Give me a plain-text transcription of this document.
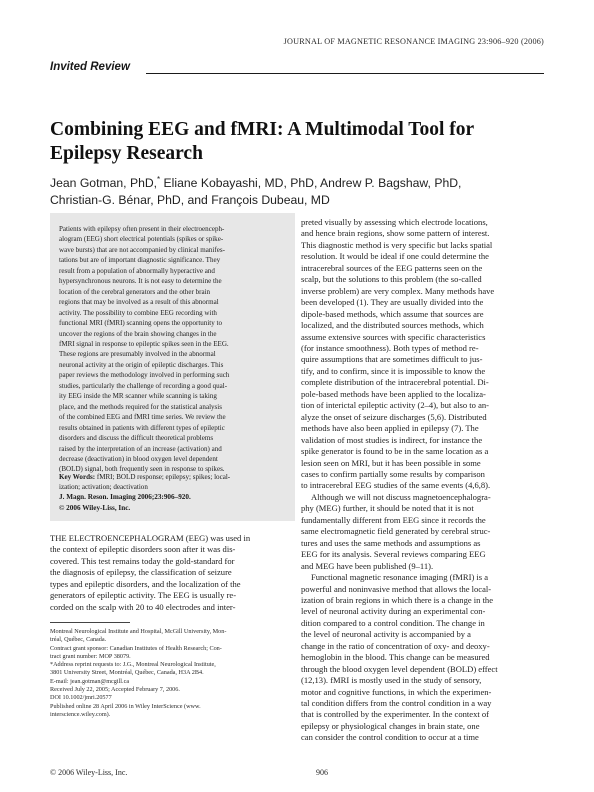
JOURNAL OF MAGNETIC RESONANCE IMAGING 23:906–920 (2006)
Invited Review
Combining EEG and fMRI: A Multimodal Tool for
Epilepsy Research
Jean Gotman, PhD,* Eliane Kobayashi, MD, PhD, Andrew P. Bagshaw, PhD,
Christian-G. Bénar, PhD, and François Dubeau, MD
Patients with epilepsy often present in their electroenceph-
alogram (EEG) short electrical potentials (spikes or spike-
wave bursts) that are not accompanied by clinical manifes-
tations but are of important diagnostic significance. They
result from a population of abnormally hyperactive and
hypersynchronous neurons. It is not easy to determine the
location of the cerebral generators and the other brain
regions that may be involved as a result of this abnormal
activity. The possibility to combine EEG recording with
functional MRI (fMRI) scanning opens the opportunity to
uncover the regions of the brain showing changes in the
fMRI signal in response to epileptic spikes seen in the EEG.
These regions are presumably involved in the abnormal
neuronal activity at the origin of epileptic discharges. This
paper reviews the methodology involved in performing such
studies, particularly the challenge of recording a good qual-
ity EEG inside the MR scanner while scanning is taking
place, and the methods required for the statistical analysis
of the combined EEG and fMRI time series. We review the
results obtained in patients with different types of epileptic
disorders and discuss the difficult theoretical problems
raised by the interpretation of an increase (activation) and
decrease (deactivation) in blood oxygen level dependent
(BOLD) signal, both frequently seen in response to spikes.
Key Words: fMRI; BOLD response; epilepsy; spikes; local-
ization; activation; deactivation
J. Magn. Reson. Imaging 2006;23:906–920.
© 2006 Wiley-Liss, Inc.
THE ELECTROENCEPHALOGRAM (EEG) was used in
the context of epileptic disorders soon after it was dis-
covered. This test remains today the gold-standard for
the diagnosis of epilepsy, the classification of seizure
types and epileptic disorders, and the localization of the
generators of epileptic activity. The EEG is usually re-
corded on the scalp with 20 to 40 electrodes and inter-
Montreal Neurological Institute and Hospital, McGill University, Mon-
tréal, Québec, Canada.
Contract grant sponsor: Canadian Institutes of Health Research; Con-
tract grant number: MOP 38079.
*Address reprint requests to: J.G., Montreal Neurological Institute,
3801 University Street, Montréal, Québec, Canada, H3A 2B4.
E-mail: jean.gotman@mcgill.ca
Received July 22, 2005; Accepted February 7, 2006.
DOI 10.1002/jmri.20577
Published online 28 April 2006 in Wiley InterScience (www.
interscience.wiley.com).
preted visually by assessing which electrode locations,
and hence brain regions, show some pattern of interest.
This diagnostic method is very specific but lacks spatial
resolution. It would be ideal if one could determine the
intracerebral sources of the EEG patterns seen on the
scalp, but the solutions to this problem (the so-called
inverse problem) are very complex. Many methods have
been developed (1). They are usually divided into the
dipole-based methods, which assume that sources are
localized, and the distributed sources methods, which
assume extensive sources with specific characteristics
(for instance smoothness). Both types of method re-
quire assumptions that are sometimes difficult to jus-
tify, and to confirm, since it is impossible to know the
complete distribution of the intracerebral potential. Di-
pole-based methods have been applied to the localiza-
tion of interictal epileptic activity (2–4), but also to an-
alyze the onset of seizure discharges (5,6). Distributed
methods have also been applied in epilepsy (7). The
validation of most studies is indirect, for instance the
spike generator is found to be in the same location as a
lesion seen on MRI, but it has been possible in some
cases to confirm partially some results by comparison
to intracerebral EEG studies of the same events (4,6,8).
Although we will not discuss magnetoencephalogra-
phy (MEG) further, it should be noted that it is not
fundamentally different from EEG since it records the
same electromagnetic field generated by cerebral struc-
tures and uses the same methods and assumptions as
EEG for its analysis. Several reviews comparing EEG
and MEG have been published (9–11).
Functional magnetic resonance imaging (fMRI) is a
powerful and noninvasive method that allows the local-
ization of brain regions in which there is a change in the
level of neuronal activity during an experimental con-
dition compared to a control condition. The change in
the level of neuronal activity is accompanied by a
change in the ratio of concentration of oxy- and deoxy-
hemoglobin in the blood. This change can be measured
through the blood oxygen level dependent (BOLD) effect
(12,13). fMRI is mostly used in the study of sensory,
motor and cognitive functions, in which the experimen-
tal condition differs from the control condition in a way
that is controlled by the experimenter. In the context of
epilepsy or physiological changes in brain state, one
can consider the control condition to occur at a time
© 2006 Wiley-Liss, Inc.	906
